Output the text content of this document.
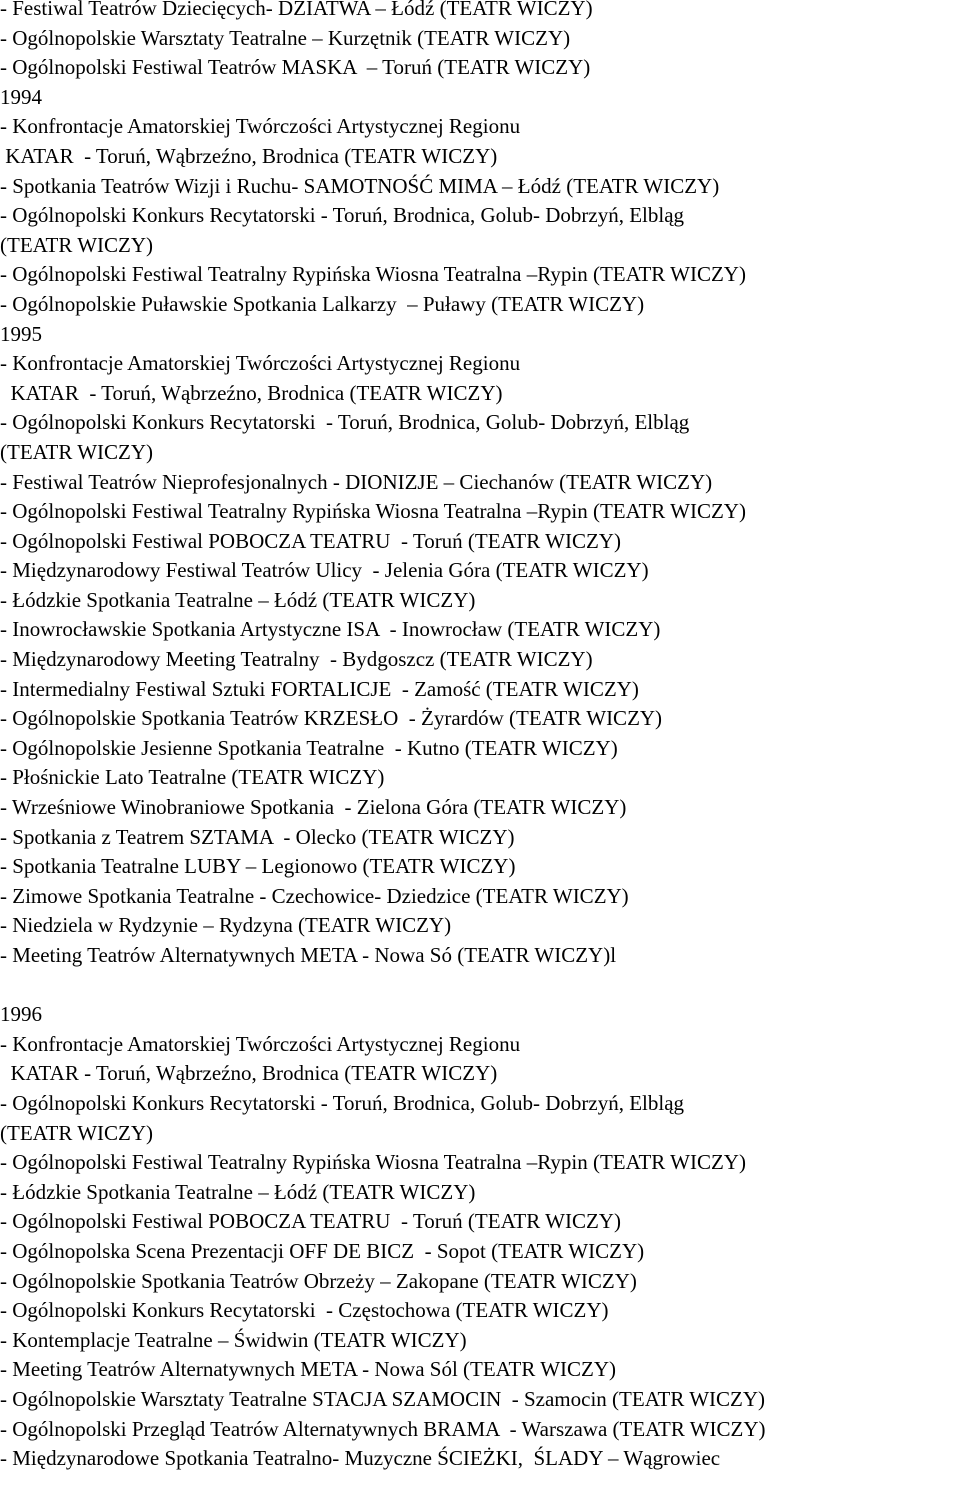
- Festiwal Teatrów Dziecięcych- DZIATWA – Łódź (TEATR WICZY)
- Ogólnopolskie Warsztaty Teatralne – Kurzętnik (TEATR WICZY)
- Ogólnopolski Festiwal Teatrów MASKA  – Toruń (TEATR WICZY)
1994
- Konfrontacje Amatorskiej Twórczości Artystycznej Regionu
KATAR  - Toruń, Wąbrzeźno, Brodnica (TEATR WICZY)
- Spotkania Teatrów Wizji i Ruchu- SAMOTNOŚĆ MIMA – Łódź (TEATR WICZY)
- Ogólnopolski Konkurs Recytatorski - Toruń, Brodnica, Golub- Dobrzyń, Elbląg
(TEATR WICZY)
- Ogólnopolski Festiwal Teatralny Rypińska Wiosna Teatralna –Rypin (TEATR WICZY)
- Ogólnopolskie Puławskie Spotkania Lalkarzy  – Puławy (TEATR WICZY)
1995
- Konfrontacje Amatorskiej Twórczości Artystycznej Regionu
KATAR  - Toruń, Wąbrzeźno, Brodnica (TEATR WICZY)
- Ogólnopolski Konkurs Recytatorski  - Toruń, Brodnica, Golub- Dobrzyń, Elbląg
(TEATR WICZY)
- Festiwal Teatrów Nieprofesjonalnych - DIONIZJE – Ciechanów (TEATR WICZY)
- Ogólnopolski Festiwal Teatralny Rypińska Wiosna Teatralna –Rypin (TEATR WICZY)
- Ogólnopolski Festiwal POBOCZA TEATRU  - Toruń (TEATR WICZY)
- Międzynarodowy Festiwal Teatrów Ulicy  - Jelenia Góra (TEATR WICZY)
- Łódzkie Spotkania Teatralne – Łódź (TEATR WICZY)
- Inowrocławskie Spotkania Artystyczne ISA  - Inowrocław (TEATR WICZY)
- Międzynarodowy Meeting Teatralny  - Bydgoszcz (TEATR WICZY)
- Intermedialny Festiwal Sztuki FORTALICJE  - Zamość (TEATR WICZY)
- Ogólnopolskie Spotkania Teatrów KRZESŁO  - Żyrardów (TEATR WICZY)
- Ogólnopolskie Jesienne Spotkania Teatralne  - Kutno (TEATR WICZY)
- Płośnickie Lato Teatralne (TEATR WICZY)
- Wrześniowe Winobraniowe Spotkania  - Zielona Góra (TEATR WICZY)
- Spotkania z Teatrem SZTAMA  - Olecko (TEATR WICZY)
- Spotkania Teatralne LUBY – Legionowo (TEATR WICZY)
- Zimowe Spotkania Teatralne - Czechowice- Dziedzice (TEATR WICZY)
- Niedziela w Rydzynie – Rydzyna (TEATR WICZY)
- Meeting Teatrów Alternatywnych META - Nowa Só (TEATR WICZY)l
1996
- Konfrontacje Amatorskiej Twórczości Artystycznej Regionu
KATAR - Toruń, Wąbrzeźno, Brodnica (TEATR WICZY)
- Ogólnopolski Konkurs Recytatorski - Toruń, Brodnica, Golub- Dobrzyń, Elbląg
(TEATR WICZY)
- Ogólnopolski Festiwal Teatralny Rypińska Wiosna Teatralna –Rypin (TEATR WICZY)
- Łódzkie Spotkania Teatralne – Łódź (TEATR WICZY)
- Ogólnopolski Festiwal POBOCZA TEATRU  - Toruń (TEATR WICZY)
- Ogólnopolska Scena Prezentacji OFF DE BICZ  - Sopot (TEATR WICZY)
- Ogólnopolskie Spotkania Teatrów Obrzeży – Zakopane (TEATR WICZY)
- Ogólnopolski Konkurs Recytatorski  - Częstochowa (TEATR WICZY)
- Kontemplacje Teatralne – Świdwin (TEATR WICZY)
- Meeting Teatrów Alternatywnych META - Nowa Sól (TEATR WICZY)
- Ogólnopolskie Warsztaty Teatralne STACJA SZAMOCIN  - Szamocin (TEATR WICZY)
- Ogólnopolski Przegląd Teatrów Alternatywnych BRAMA  - Warszawa (TEATR WICZY)
- Międzynarodowe Spotkania Teatralno- Muzyczne ŚCIEŻKI,  ŚLADY – Wągrowiec
